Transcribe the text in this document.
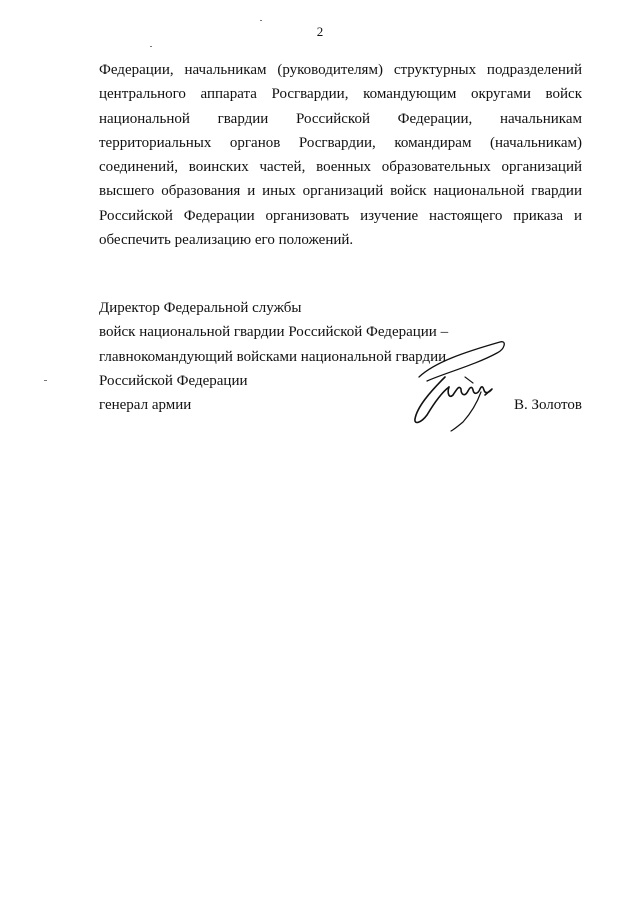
2
Федерации, начальникам (руководителям) структурных подразделений
центрального аппарата Росгвардии, командующим округами войск
национальной гвардии Российской Федерации, начальникам
территориальных органов Росгвардии, командирам (начальникам)
соединений, воинских частей, военных образовательных организаций
высшего образования и иных организаций войск национальной гвардии
Российской Федерации организовать изучение настоящего приказа и
обеспечить реализацию его положений.
Директор Федеральной службы
войск национальной гвардии Российской Федерации –
главнокомандующий войсками национальной гвардии
Российской Федерации
генерал армии	В. Золотов
